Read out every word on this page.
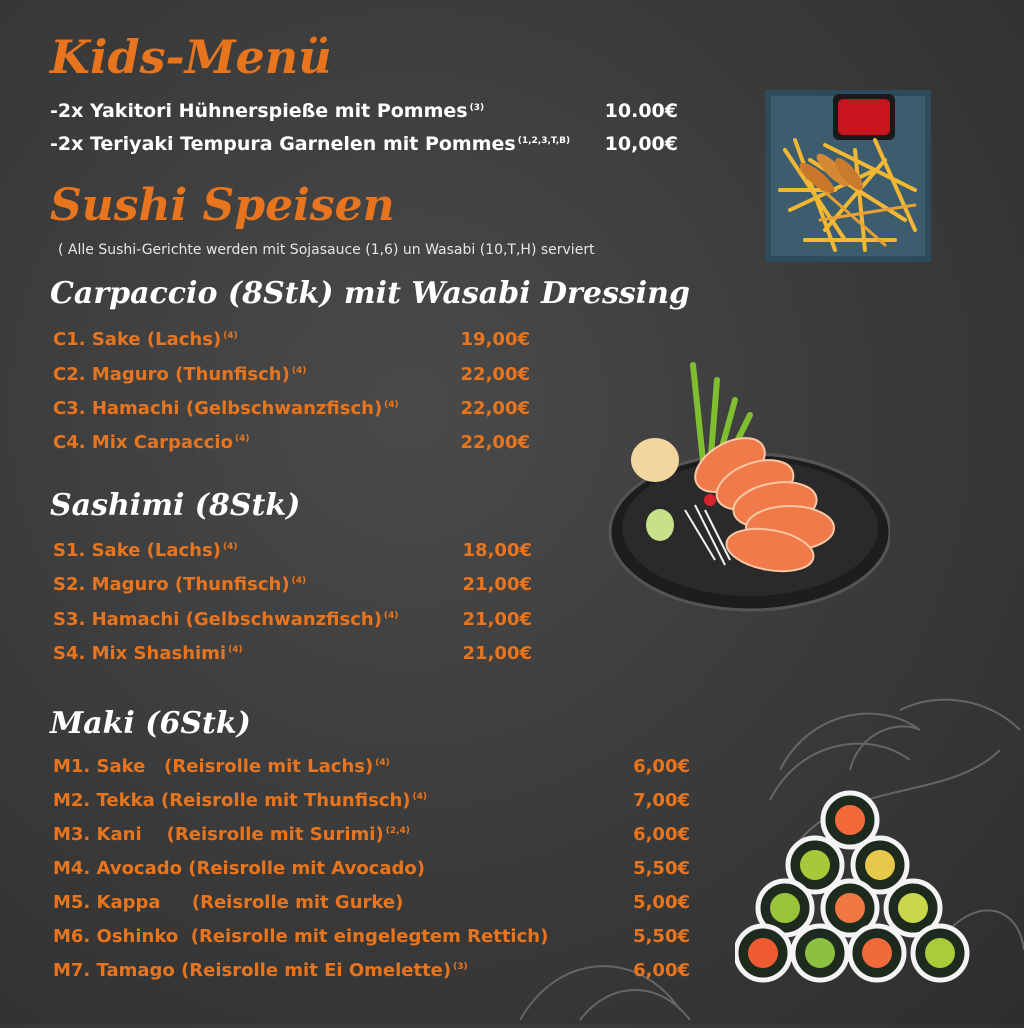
Kids-Menü
-2x Yakitori Hühnerspieße mit Pommes $^{(3)}$	10.00€
-2x Teriyaki Tempura Garnelen mit Pommes $^{(1,2,3,T,B)}$	10,00€
Sushi Speisen
( Alle Sushi-Gerichte werden mit Sojasauce (1,6) un Wasabi (10,T,H) serviert
Carpaccio (8Stk) mit Wasabi Dressing
C1. Sake (Lachs) $^{(4)}$	19,00€
C2. Maguro (Thunfisch) $^{(4)}$	22,00€
C3. Hamachi (Gelbschwanzfisch) $^{(4)}$	22,00€
C4. Mix Carpaccio $^{(4)}$	22,00€
Sashimi (8Stk)
S1. Sake (Lachs) $^{(4)}$	18,00€
S2. Maguro (Thunfisch) $^{(4)}$	21,00€
S3. Hamachi (Gelbschwanzfisch) $^{(4)}$	21,00€
S4. Mix Shashimi $^{(4)}$	21,00€
Maki (6Stk)
M1. Sake   (Reisrolle mit Lachs) $^{(4)}$	6,00€
M2. Tekka (Reisrolle mit Thunfisch) $^{(4)}$	7,00€
M3. Kani    (Reisrolle mit Surimi) $^{(2,4)}$	6,00€
M4. Avocado (Reisrolle mit Avocado)	5,50€
M5. Kappa     (Reisrolle mit Gurke)	5,00€
M6. Oshinko  (Reisrolle mit eingelegtem Rettich)	5,50€
M7. Tamago (Reisrolle mit Ei Omelette) $^{(3)}$	6,00€
